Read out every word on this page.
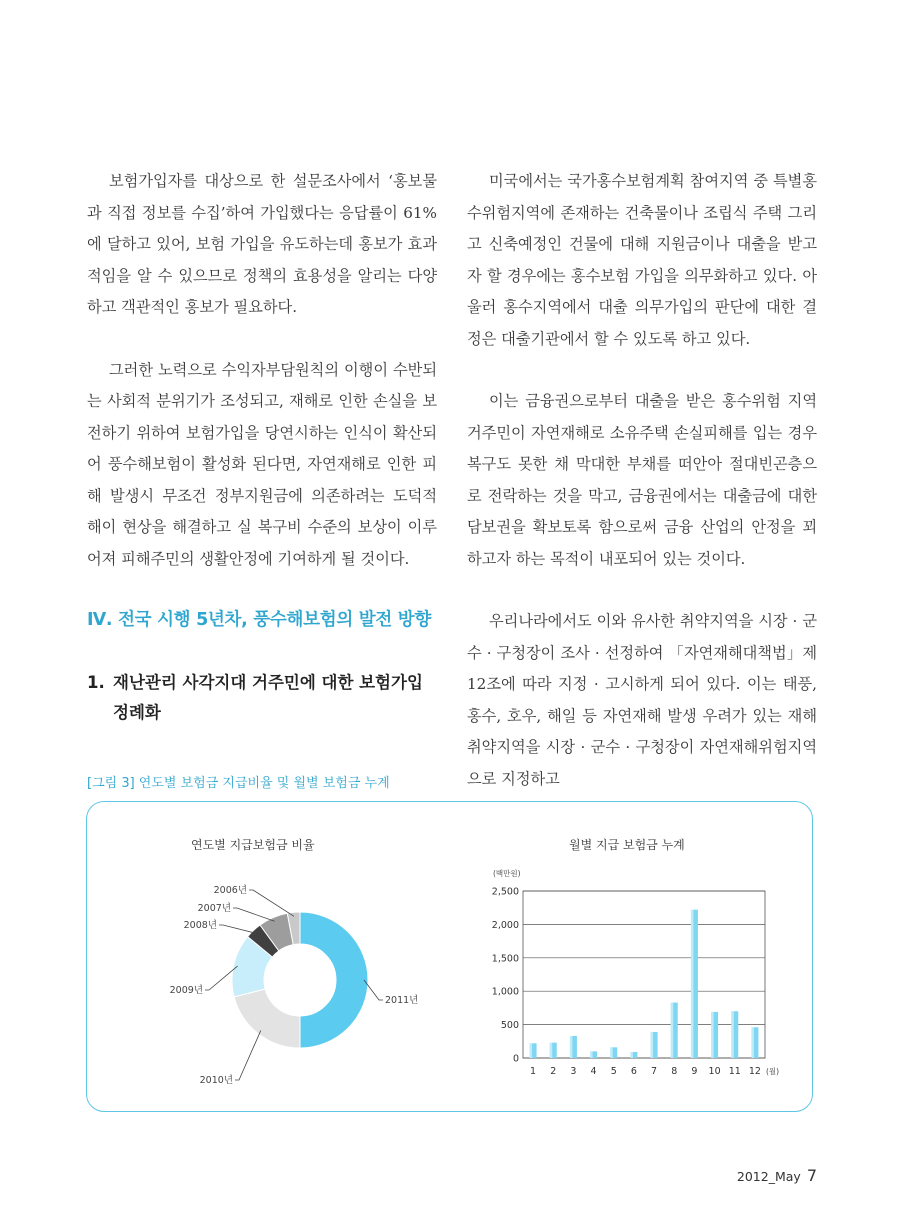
보험가입자를 대상으로 한 설문조사에서 ‘홍보물과 직접 정보를 수집’하여 가입했다는 응답률이 61%에 달하고 있어, 보험 가입을 유도하는데 홍보가 효과적임을 알 수 있으므로 정책의 효용성을 알리는 다양하고 객관적인 홍보가 필요하다.

그러한 노력으로 수익자부담원칙의 이행이 수반되는 사회적 분위기가 조성되고, 재해로 인한 손실을 보전하기 위하여 보험가입을 당연시하는 인식이 확산되어 풍수해보험이 활성화 된다면, 자연재해로 인한 피해 발생시 무조건 정부지원금에 의존하려는 도덕적 해이 현상을 해결하고 실 복구비 수준의 보상이 이루어져 피해주민의 생활안정에 기여하게 될 것이다.

Ⅳ. 전국 시행 5년차, 풍수해보험의 발전 방향
1. 재난관리 사각지대 거주민에 대한 보험가입
정례화

미국에서는 국가홍수보험계획 참여지역 중 특별홍수위험지역에 존재하는 건축물이나 조립식 주택 그리고 신축예정인 건물에 대해 지원금이나 대출을 받고자 할 경우에는 홍수보험 가입을 의무화하고 있다. 아울러 홍수지역에서 대출 의무가입의 판단에 대한 결정은 대출기관에서 할 수 있도록 하고 있다.

이는 금융권으로부터 대출을 받은 홍수위험 지역 거주민이 자연재해로 소유주택 손실피해를 입는 경우 복구도 못한 채 막대한 부채를 떠안아 절대빈곤층으로 전락하는 것을 막고, 금융권에서는 대출금에 대한 담보권을 확보토록 함으로써 금융 산업의 안정을 꾀하고자 하는 목적이 내포되어 있는 것이다.

우리나라에서도 이와 유사한 취약지역을 시장 · 군수 · 구청장이 조사 · 선정하여 「자연재해대책법」제12조에 따라 지정 · 고시하게 되어 있다. 이는 태풍, 홍수, 호우, 해일 등 자연재해 발생 우려가 있는 재해취약지역을 시장 · 군수 · 구청장이 자연재해위험지역으로 지정하고

[그림 3] 연도별 보험금 지급비율 및 월별 보험금 누계
연도별 지급보험금 비율	월별 지급 보험금 누계
2011년
2010년
2009년
2008년
2007년
2006년
(백만원)
0
500
1,000
1,500
2,000
2,500
1 2 3 4 5 6 7 8 9 10 11 12 (월)
2012_May 7
